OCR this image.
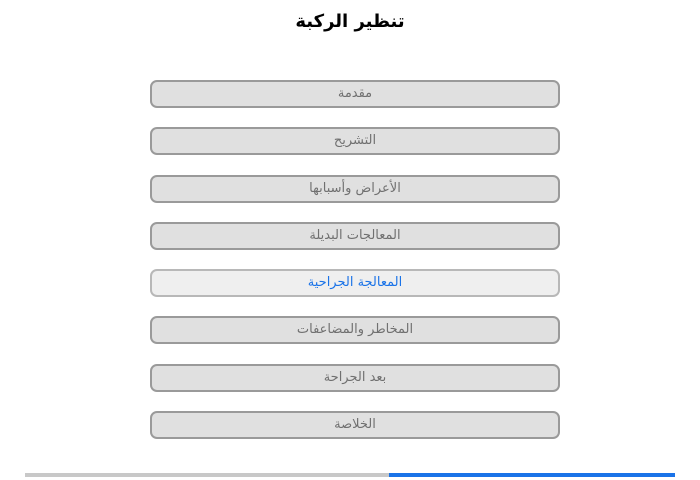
تنظير الركبة
مقدمة
التشريح
الأعراض وأسبابها
المعالجات البديلة
المعالجة الجراحية
المخاطر والمضاعفات
بعد الجراحة
الخلاصة
